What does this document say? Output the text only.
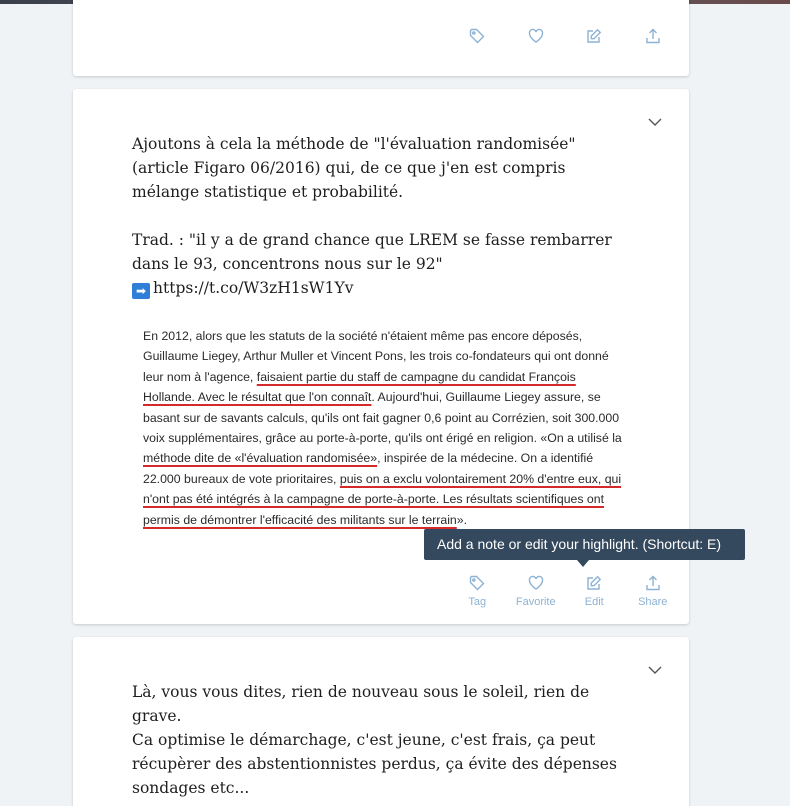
Ajoutons à cela la méthode de "l'évaluation randomisée" (article Figaro 06/2016) qui, de ce que j'en est compris mélange statistique et probabilité.

Trad. : "il y a de grand chance que LREM se fasse rembarrer dans le 93, concentrons nous sur le 92"
➡ https://t.co/W3zH1sW1Yv
En 2012, alors que les statuts de la société n'étaient même pas encore déposés, Guillaume Liegey, Arthur Muller et Vincent Pons, les trois co-fondateurs qui ont donné leur nom à l'agence, faisaient partie du staff de campagne du candidat François Hollande. Avec le résultat que l'on connaît. Aujourd'hui, Guillaume Liegey assure, se basant sur de savants calculs, qu'ils ont fait gagner 0,6 point au Corrézien, soit 300.000 voix supplémentaires, grâce au porte-à-porte, qu'ils ont érigé en religion. «On a utilisé la méthode dite de «l'évaluation randomisée», inspirée de la médecine. On a identifié 22.000 bureaux de vote prioritaires, puis on a exclu volontairement 20% d'entre eux, qui n'ont pas été intégrés à la campagne de porte-à-porte. Les résultats scientifiques ont permis de démontrer l'efficacité des militants sur le terrain».
Tag	Favorite	Edit	Share
Add a note or edit your highlight. (Shortcut: E)
Là, vous vous dites, rien de nouveau sous le soleil, rien de grave.
Ca optimise le démarchage, c'est jeune, c'est frais, ça peut récupèrer des abstentionnistes perdus, ça évite des dépenses sondages etc...
